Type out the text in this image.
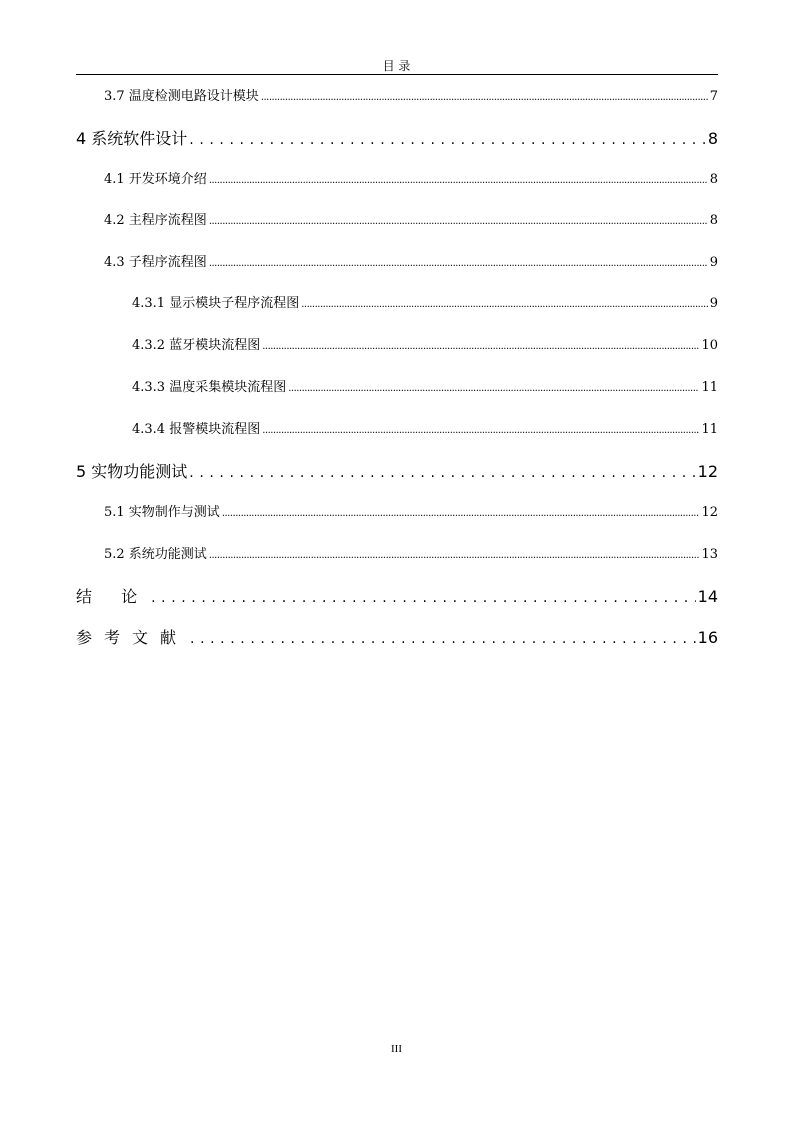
目 录
3.7 温度检测电路设计模块 .....	7
4 系统软件设计 .....	8
4.1 开发环境介绍 .....	8
4.2 主程序流程图 .....	8
4.3 子程序流程图 .....	9
4.3.1 显示模块子程序流程图 .....	9
4.3.2 蓝牙模块流程图 .....	10
4.3.3 温度采集模块流程图 .....	11
4.3.4 报警模块流程图 .....	11
5 实物功能测试 .....	12
5.1 实物制作与测试 .....	12
5.2 系统功能测试 .....	13
结 论 .....	14
参考文献 .....	16
III
